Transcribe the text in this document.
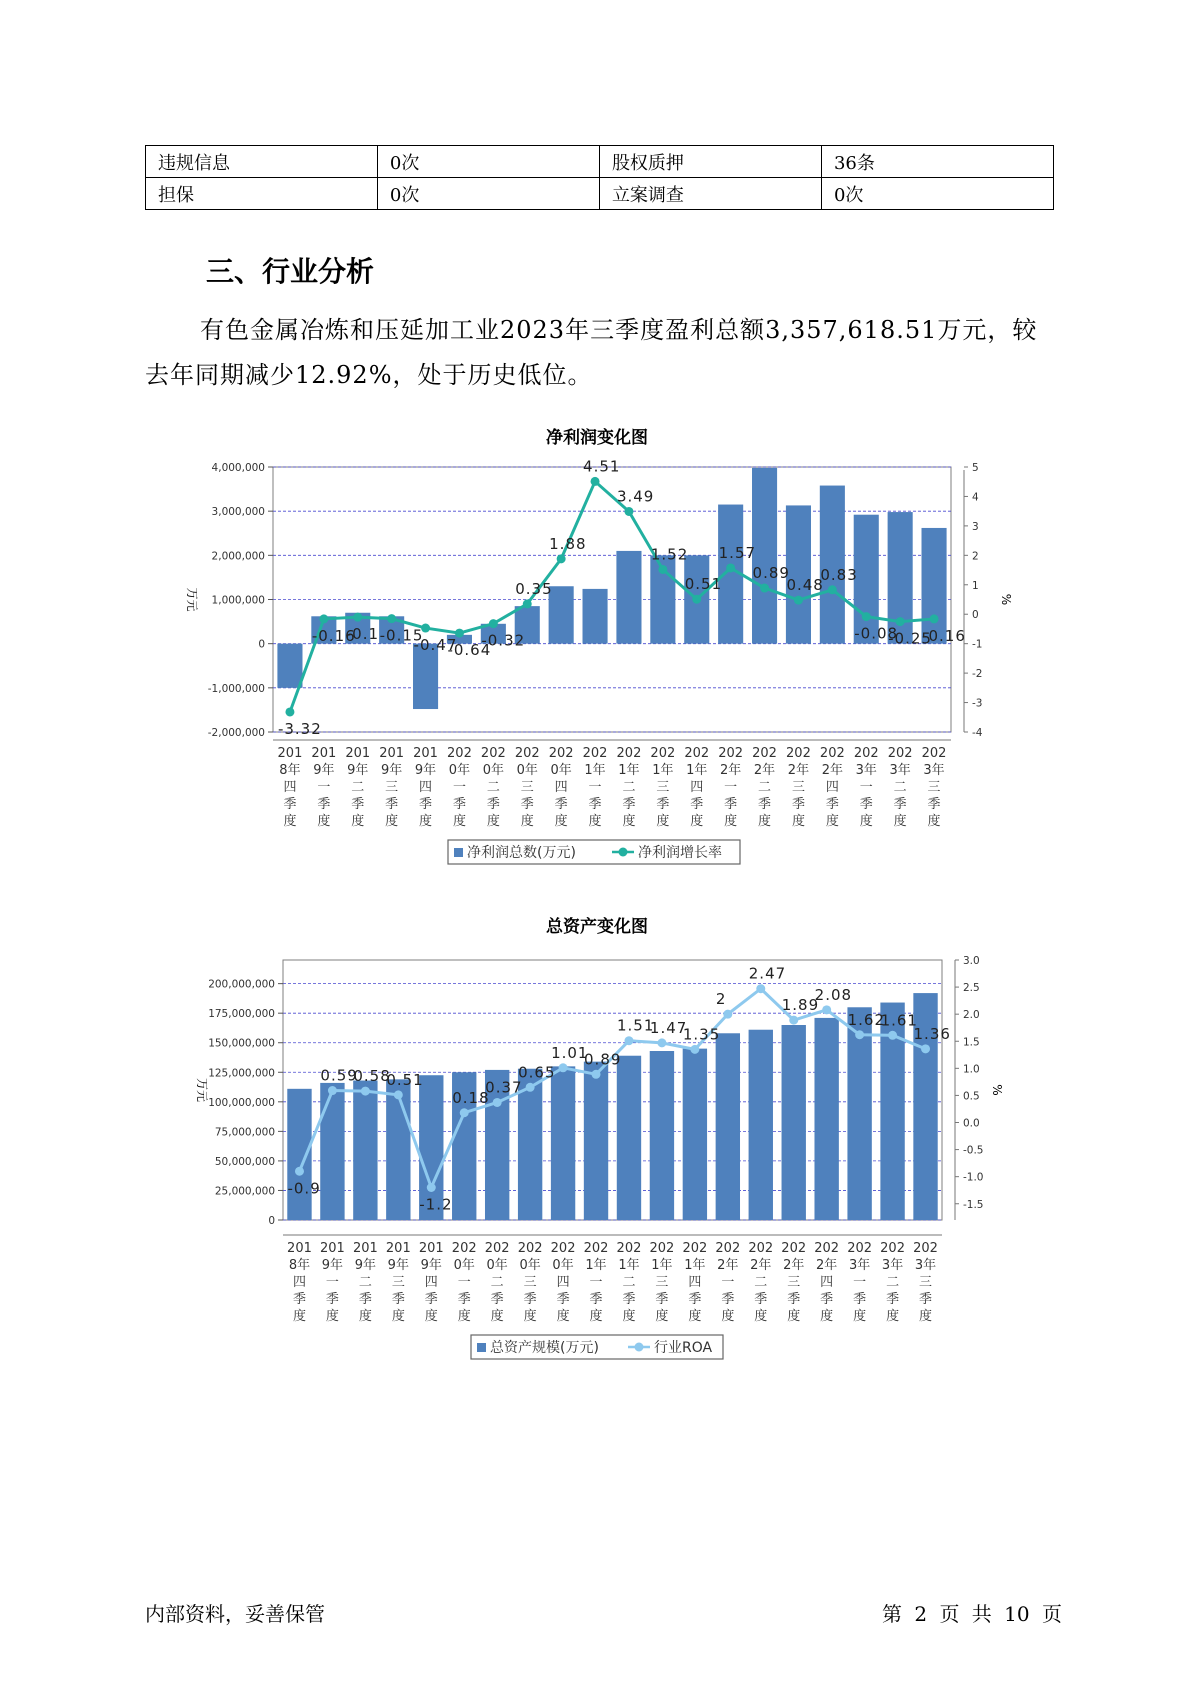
违规信息	0次	股权质押	36条
担保	0次	立案调查	0次
三、行业分析

有色金属冶炼和压延加工业2023年三季度盈利总额3,357,618.51万元，较去年同期减少12.92%，处于历史低位。

净利润变化图
-2,000,000
-1,000,000
0
1,000,000
2,000,000
3,000,000
4,000,000
-4
-3
-2
-1
0
1
2
3
4
5
万元	%
-3.32
-0.16
-0.1 -0.15
-0.47
-0.64
-0.32
0.35
1.88
4.51
3.49
1.52
0.51
1.57
0.89
0.48
0.83
-0.08
-0.25
-0.16
201 8年四季度
201 9年一季度
201 9年二季度
201 9年三季度
201 9年四季度
202 0年一季度
202 0年二季度
202 0年三季度
202 0年四季度
202 1年一季度
202 1年二季度
202 1年三季度
202 1年四季度
202 2年一季度
202 2年二季度
202 2年三季度
202 2年四季度
202 3年一季度
202 3年二季度
202 3年三季度
净利润总数(万元)	净利润增长率
总资产变化图
0
25,000,000
50,000,000
75,000,000
100,000,000
125,000,000
150,000,000
175,000,000
200,000,000
-1.5
-1.0
-0.5
0.0
0.5
1.0
1.5
2.0
2.5
3.0
万元	%
-0.9
0.59
0.58
0.51
-1.2
0.18
0.37
0.65
1.01
0.89
1.51
1.47
1.35
2
2.47
1.89
2.08
1.62
1.61
1.36
201 8年四季度
201 9年一季度
201 9年二季度
201 9年三季度
201 9年四季度
202 0年一季度
202 0年二季度
202 0年三季度
202 0年四季度
202 1年一季度
202 1年二季度
202 1年三季度
202 1年四季度
202 2年一季度
202 2年二季度
202 2年三季度
202 2年四季度
202 3年一季度
202 3年二季度
202 3年三季度
总资产规模(万元)	行业ROA
内部资料，妥善保管	第 2 页 共 10 页
